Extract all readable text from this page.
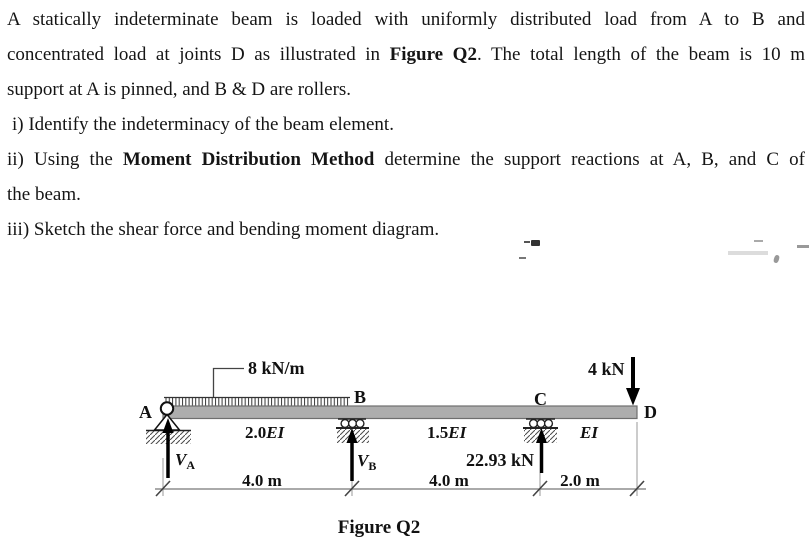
A statically indeterminate beam is loaded with uniformly distributed load from A to B and
concentrated load at joints D as illustrated in Figure Q2. The total length of the beam is 10 m
support at A is pinned, and B & D are rollers.
i) Identify the indeterminacy of the beam element.
ii) Using the Moment Distribution Method determine the support reactions at A, B, and C of
the beam.
iii) Sketch the shear force and bending moment diagram.
8 kN/m	4 kN
A
B	C
D
2.0EI	1.5EI	EI
$V_A$	$V_B$	22.93 kN
4.0 m	4.0 m	2.0 m
Figure Q2
